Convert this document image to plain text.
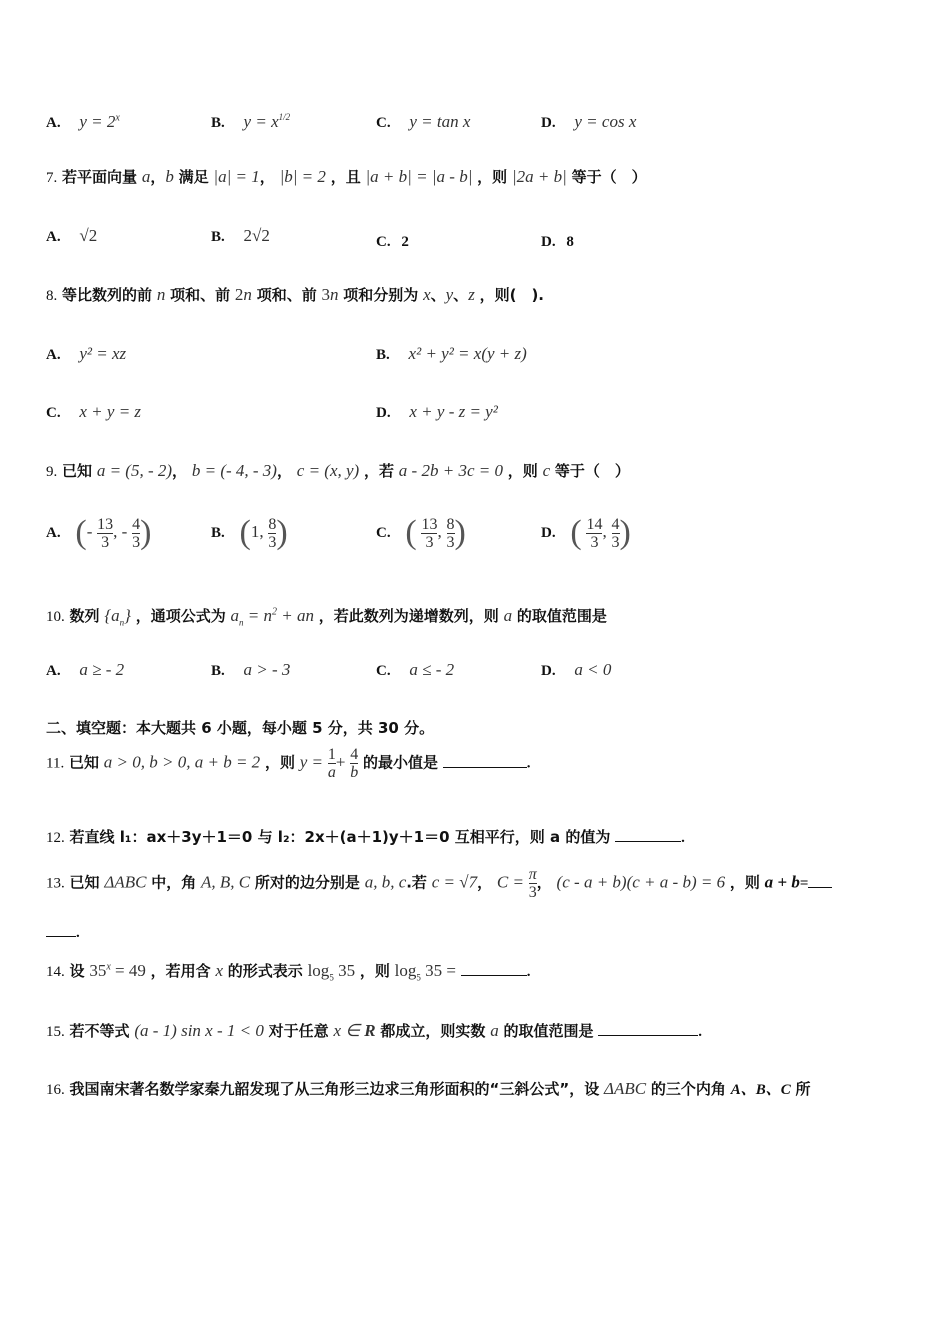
A. $y = 2^x$	B. $y = x^{1/2}$	C. y = tan x	D. y = cos x
7. 若平面向量 a，b 满足 |a| = 1， |b| = 2 ，且 |a + b| = |a - b| ，则 |2a + b| 等于（　）
A. √2	B. 2√2	C. 2	D. 8
8. 等比数列的前 n 项和、前 2n 项和、前 3n 项和分别为 x、y、z ，则(　).
A. y² = xz	B. x² + y² = x(y + z)
C. x + y = z	D. x + y - z = y²
9. 已知 a = (5, - 2)， b = (- 4, - 3)， c = (x, y) ，若 a - 2b + 3c = 0 ，则 c 等于（　）
A. (- $\frac{13}{3}$ , - $\frac{4}{3}$ )	B. (1, $\frac{8}{3}$ )	C. ( $\frac{13}{3}$ , $\frac{8}{3}$ )	D. ( $\frac{14}{3}$ , $\frac{4}{3}$ )
10. 数列 $\{a_n\}$ ，通项公式为 $a_n = n^2$ + an ，若此数列为递增数列，则 a 的取值范围是
A. a ≥ - 2	B. a > - 3	C. a ≤ - 2	D. a < 0
二、填空题：本大题共 6 小题，每小题 5 分，共 30 分。
11. 已知 a > 0, b > 0, a + b = 2 ，则 $y = \frac{1}{a} + \frac{4}{b}$ 的最小值是	.
12. 若直线 l₁：ax＋3y＋1＝0 与 l₂：2x＋(a＋1)y＋1＝0 互相平行，则 a 的值为	.
13. 已知 ΔABC 中，角 A, B, C 所对的边分别是 a, b, c.若 c = √7， $C = \frac{\pi}{3}$ ， (c - a + b)(c + a - b) = 6 ，则 a + b=
.
14. 设 $35^x = 49$ ，若用含 x 的形式表示 $\log_5 35$ ，则 $\log_5 35$ =	.
15. 若不等式 (a - 1) sin x - 1 < 0 对于任意 x ∈ R 都成立，则实数 a 的取值范围是	.
16. 我国南宋著名数学家秦九韶发现了从三角形三边求三角形面积的“三斜公式”，设 ΔABC 的三个内角 A、B、C 所
